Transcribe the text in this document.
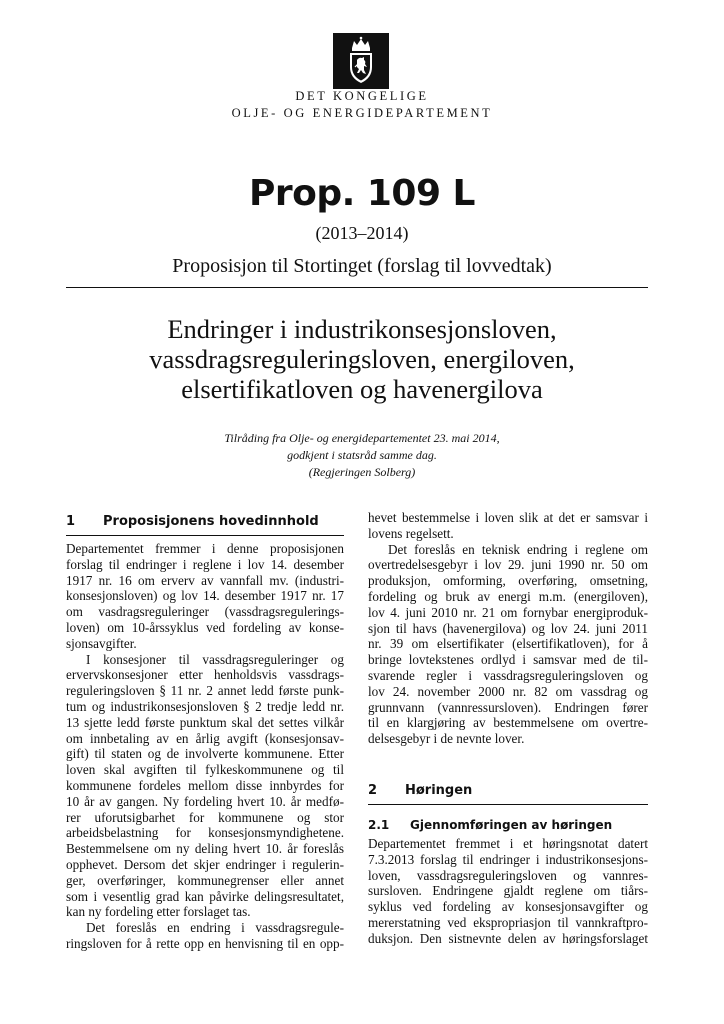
DET KONGELIGE
OLJE- OG ENERGIDEPARTEMENT
Prop. 109 L
(2013–2014)
Proposisjon til Stortinget (forslag til lovvedtak)
Endringer i industrikonsesjonsloven,
vassdragsreguleringsloven, energiloven,
elsertifikatloven og havenergilova
Tilråding fra Olje- og energidepartementet 23. mai 2014,
godkjent i statsråd samme dag.
(Regjeringen Solberg)
1 Proposisjonens hovedinnhold
Departementet fremmer i denne proposisjonen
forslag til endringer i reglene i lov 14. desember
1917 nr. 16 om erverv av vannfall mv. (industri-
konsesjonsloven) og lov 14. desember 1917 nr. 17
om vasdragsreguleringer (vassdragsregulerings-
loven) om 10-årssyklus ved fordeling av konse-
sjonsavgifter.
I konsesjoner til vassdragsreguleringer og
ervervskonsesjoner etter henholdsvis vassdrags-
reguleringsloven § 11 nr. 2 annet ledd første punk-
tum og industrikonsesjonsloven § 2 tredje ledd nr.
13 sjette ledd første punktum skal det settes vilkår
om innbetaling av en årlig avgift (konsesjonsav-
gift) til staten og de involverte kommunene. Etter
loven skal avgiften til fylkeskommunene og til
kommunene fordeles mellom disse innbyrdes for
10 år av gangen. Ny fordeling hvert 10. år medfø-
rer uforutsigbarhet for kommunene og stor
arbeidsbelastning for konsesjonsmyndighetene.
Bestemmelsene om ny deling hvert 10. år foreslås
opphevet. Dersom det skjer endringer i regulerin-
ger, overføringer, kommunegrenser eller annet
som i vesentlig grad kan påvirke delingsresultatet,
kan ny fordeling etter forslaget tas.
Det foreslås en endring i vassdragsregule-
ringsloven for å rette opp en henvisning til en opp-
hevet bestemmelse i loven slik at det er samsvar i
lovens regelsett.
Det foreslås en teknisk endring i reglene om
overtredelsesgebyr i lov 29. juni 1990 nr. 50 om
produksjon, omforming, overføring, omsetning,
fordeling og bruk av energi m.m. (energiloven),
lov 4. juni 2010 nr. 21 om fornybar energiproduk-
sjon til havs (havenergilova) og lov 24. juni 2011
nr. 39 om elsertifikater (elsertifikatloven), for å
bringe lovtekstenes ordlyd i samsvar med de til-
svarende regler i vassdragsreguleringsloven og
lov 24. november 2000 nr. 82 om vassdrag og
grunnvann (vannressursloven). Endringen fører
til en klargjøring av bestemmelsene om overtre-
delsesgebyr i de nevnte lover.
2 Høringen
2.1 Gjennomføringen av høringen
Departementet fremmet i et høringsnotat datert
7.3.2013 forslag til endringer i industrikonsesjons-
loven, vassdragsreguleringsloven og vannres-
sursloven. Endringene gjaldt reglene om tiårs-
syklus ved fordeling av konsesjonsavgifter og
mererstatning ved ekspropriasjon til vannkraftpro-
duksjon. Den sistnevnte delen av høringsforslaget
